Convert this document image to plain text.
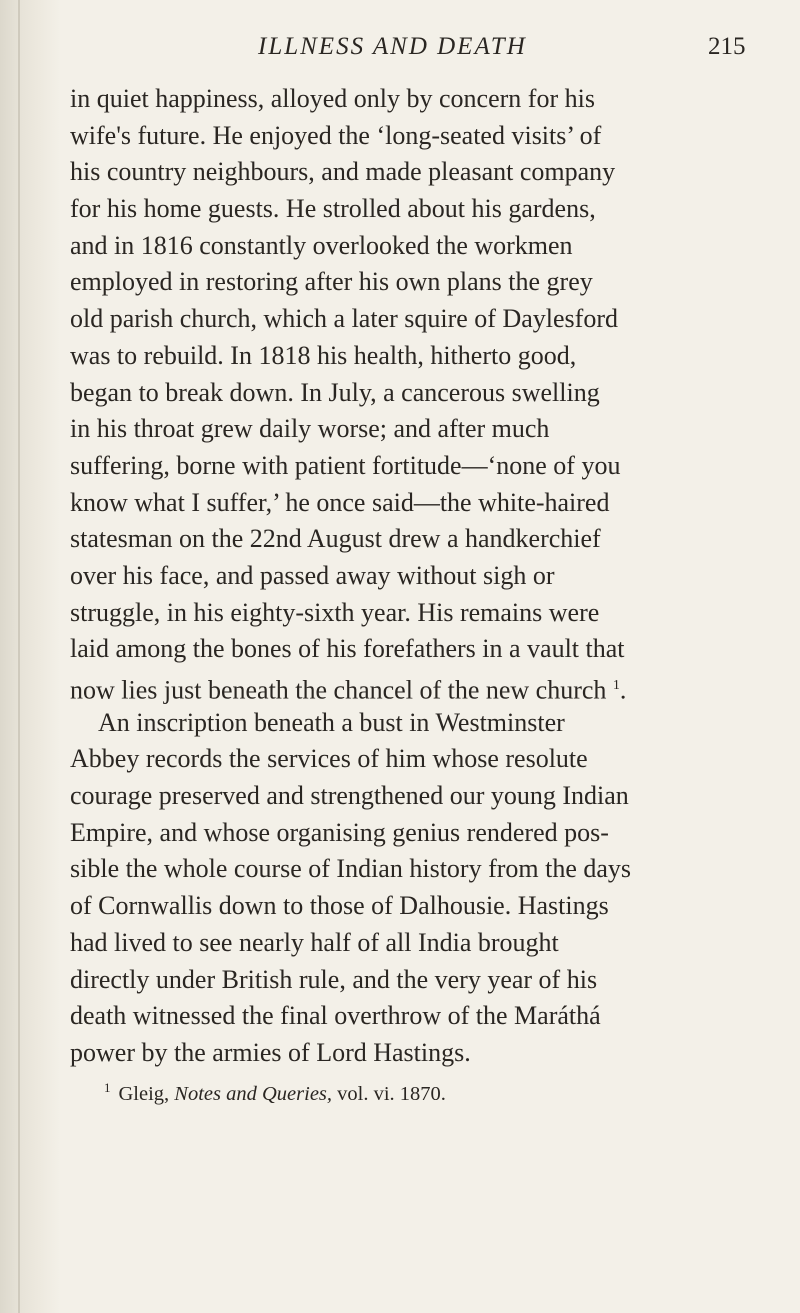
ILLNESS AND DEATH	215
in quiet happiness, alloyed only by concern for his
wife's future. He enjoyed the ‘long-seated visits’ of
his country neighbours, and made pleasant company
for his home guests. He strolled about his gardens,
and in 1816 constantly overlooked the workmen
employed in restoring after his own plans the grey
old parish church, which a later squire of Daylesford
was to rebuild. In 1818 his health, hitherto good,
began to break down. In July, a cancerous swelling
in his throat grew daily worse; and after much
suffering, borne with patient fortitude—‘none of you
know what I suffer,’ he once said—the white-haired
statesman on the 22nd August drew a handkerchief
over his face, and passed away without sigh or
struggle, in his eighty-sixth year. His remains were
laid among the bones of his forefathers in a vault that
now lies just beneath the chancel of the new church $^1$.
An inscription beneath a bust in Westminster
Abbey records the services of him whose resolute
courage preserved and strengthened our young Indian
Empire, and whose organising genius rendered pos-
sible the whole course of Indian history from the days
of Cornwallis down to those of Dalhousie. Hastings
had lived to see nearly half of all India brought
directly under British rule, and the very year of his
death witnessed the final overthrow of the Maráthá
power by the armies of Lord Hastings.
$^1$ Gleig, Notes and Queries, vol. vi. 1870.
